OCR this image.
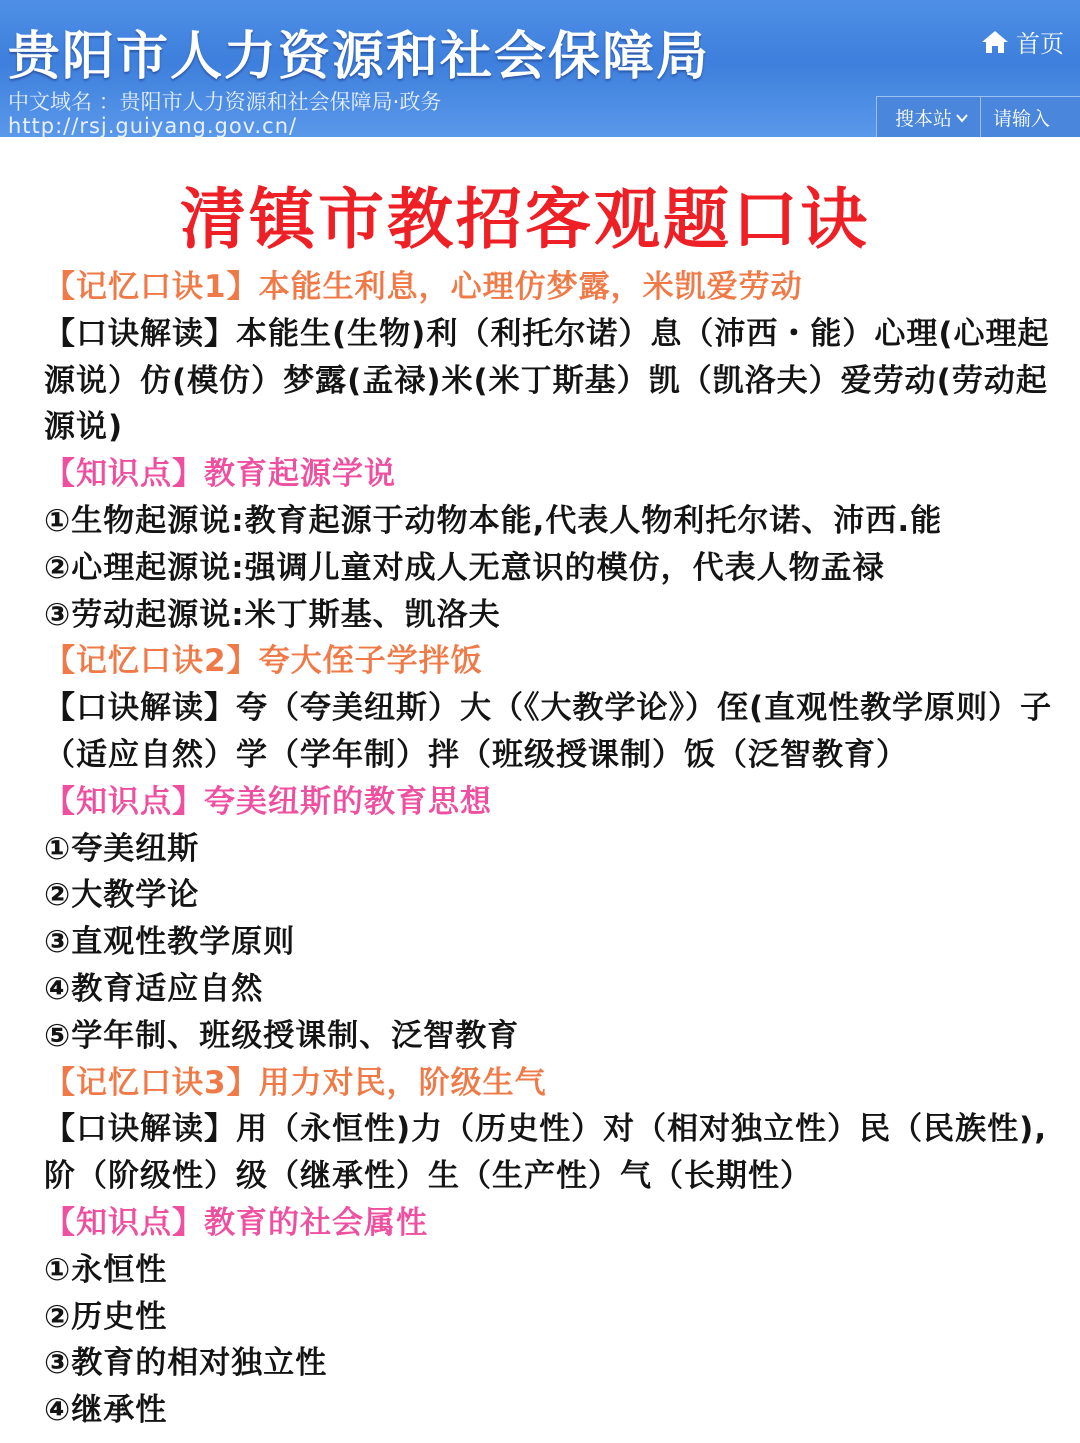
贵阳市人力资源和社会保障局
中文域名 ：贵阳市人力资源和社会保障局·政务
http://rsj.guiyang.gov.cn/
首页
搜本站	请输入
清镇市教招客观题口诀
【记忆口诀1】本能生利息，心理仿梦露，米凯爱劳动
【口诀解读】本能生(生物)利（利托尔诺）息（沛西・能）心理(心理起源说）仿(模仿）梦露(孟禄)米(米丁斯基）凯（凯洛夫）爱劳动(劳动起源说)
【知识点】教育起源学说
①生物起源说:教育起源于动物本能,代表人物利托尔诺、沛西.能
②心理起源说:强调儿童对成人无意识的模仿，代表人物孟禄
③劳动起源说:米丁斯基、凯洛夫
【记忆口诀2】夸大侄子学拌饭
【口诀解读】夸（夸美纽斯）大（《大教学论》）侄(直观性教学原则）子（适应自然）学（学年制）拌（班级授课制）饭（泛智教育）
【知识点】夸美纽斯的教育思想
①夸美纽斯
②大教学论
③直观性教学原则
④教育适应自然
⑤学年制、班级授课制、泛智教育
【记忆口诀3】用力对民，阶级生气
【口诀解读】用（永恒性)力（历史性）对（相对独立性）民（民族性),阶（阶级性）级（继承性）生（生产性）气（长期性）
【知识点】教育的社会属性
①永恒性
②历史性
③教育的相对独立性
④继承性
